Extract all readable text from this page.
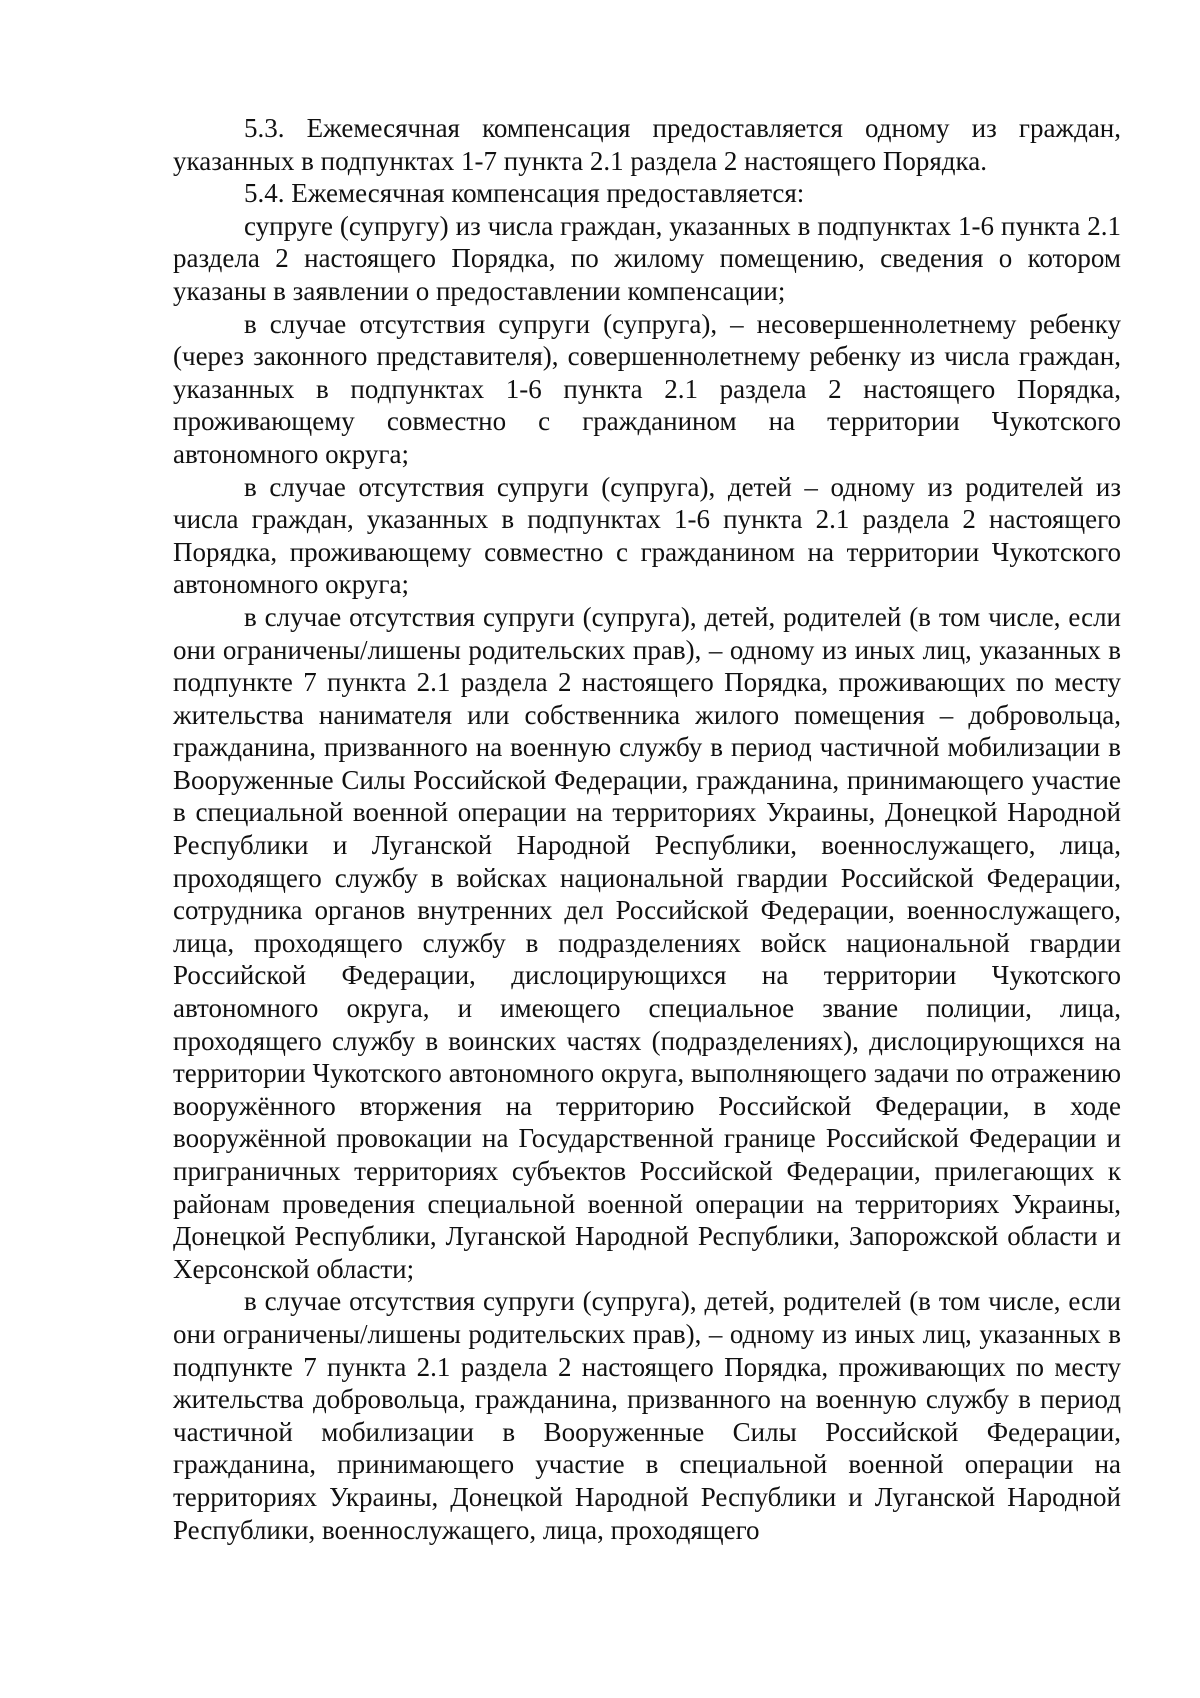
5.3. Ежемесячная компенсация предоставляется одному из граждан, указанных в подпунктах 1-7 пункта 2.1 раздела 2 настоящего Порядка.

5.4. Ежемесячная компенсация предоставляется:

супруге (супругу) из числа граждан, указанных в подпунктах 1-6 пункта 2.1 раздела 2 настоящего Порядка, по жилому помещению, сведения о котором указаны в заявлении о предоставлении компенсации;

в случае отсутствия супруги (супруга), – несовершеннолетнему ребенку (через законного представителя), совершеннолетнему ребенку из числа граждан, указанных в подпунктах 1-6 пункта 2.1 раздела 2 настоящего Порядка, проживающему совместно с гражданином на территории Чукотского автономного округа;

в случае отсутствия супруги (супруга), детей – одному из родителей из числа граждан, указанных в подпунктах 1-6 пункта 2.1 раздела 2 настоящего Порядка, проживающему совместно с гражданином на территории Чукотского автономного округа;

в случае отсутствия супруги (супруга), детей, родителей (в том числе, если они ограничены/лишены родительских прав), – одному из иных лиц, указанных в подпункте 7 пункта 2.1 раздела 2 настоящего Порядка, проживающих по месту жительства нанимателя или собственника жилого помещения – добровольца, гражданина, призванного на военную службу в период частичной мобилизации в Вооруженные Силы Российской Федерации, гражданина, принимающего участие в специальной военной операции на территориях Украины, Донецкой Народной Республики и Луганской Народной Республики, военнослужащего, лица, проходящего службу в войсках национальной гвардии Российской Федерации, сотрудника органов внутренних дел Российской Федерации, военнослужащего, лица, проходящего службу в подразделениях войск национальной гвардии Российской Федерации, дислоцирующихся на территории Чукотского автономного округа, и имеющего специальное звание полиции, лица, проходящего службу в воинских частях (подразделениях), дислоцирующихся на территории Чукотского автономного округа, выполняющего задачи по отражению вооружённого вторжения на территорию Российской Федерации, в ходе вооружённой провокации на Государственной границе Российской Федерации и приграничных территориях субъектов Российской Федерации, прилегающих к районам проведения специальной военной операции на территориях Украины, Донецкой Республики, Луганской Народной Республики, Запорожской области и Херсонской области;

в случае отсутствия супруги (супруга), детей, родителей (в том числе, если они ограничены/лишены родительских прав), – одному из иных лиц, указанных в подпункте 7 пункта 2.1 раздела 2 настоящего Порядка, проживающих по месту жительства добровольца, гражданина, призванного на военную службу в период частичной мобилизации в Вооруженные Силы Российской Федерации, гражданина, принимающего участие в специальной военной операции на территориях Украины, Донецкой Народной Республики и Луганской Народной Республики, военнослужащего, лица, проходящего
